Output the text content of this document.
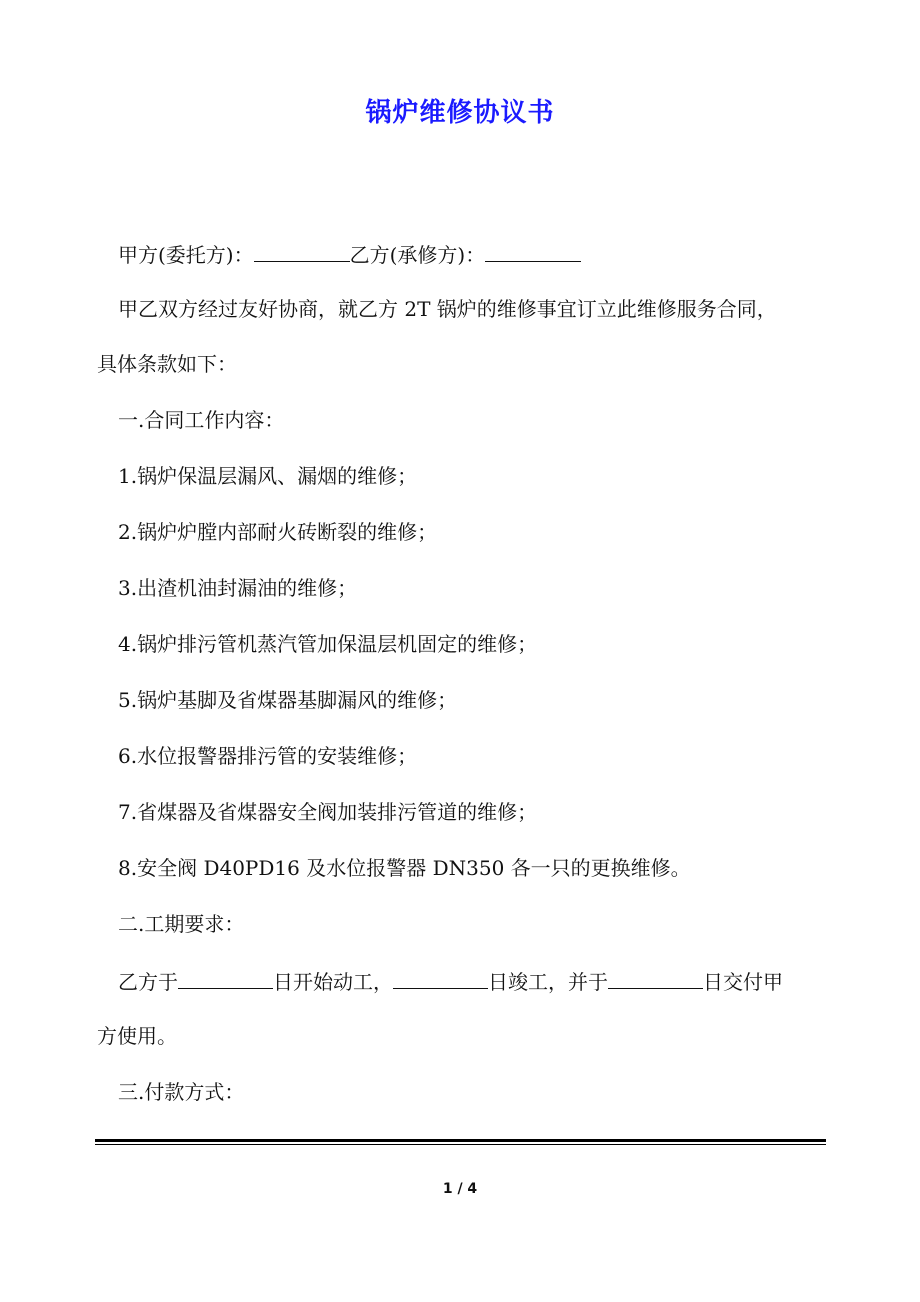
锅炉维修协议书
甲方(委托方)：	乙方(承修方)：
甲乙双方经过友好协商，就乙方 2T 锅炉的维修事宜订立此维修服务合同，
具体条款如下：
一.合同工作内容：
1.锅炉保温层漏风、漏烟的维修；
2.锅炉炉膛内部耐火砖断裂的维修；
3.出渣机油封漏油的维修；
4.锅炉排污管机蒸汽管加保温层机固定的维修；
5.锅炉基脚及省煤器基脚漏风的维修；
6.水位报警器排污管的安装维修；
7.省煤器及省煤器安全阀加装排污管道的维修；
8.安全阀 D40PD16 及水位报警器 DN350 各一只的更换维修。
二.工期要求：
乙方于	日开始动工，	日竣工，并于	日交付甲
方使用。
三.付款方式：
1 / 4
